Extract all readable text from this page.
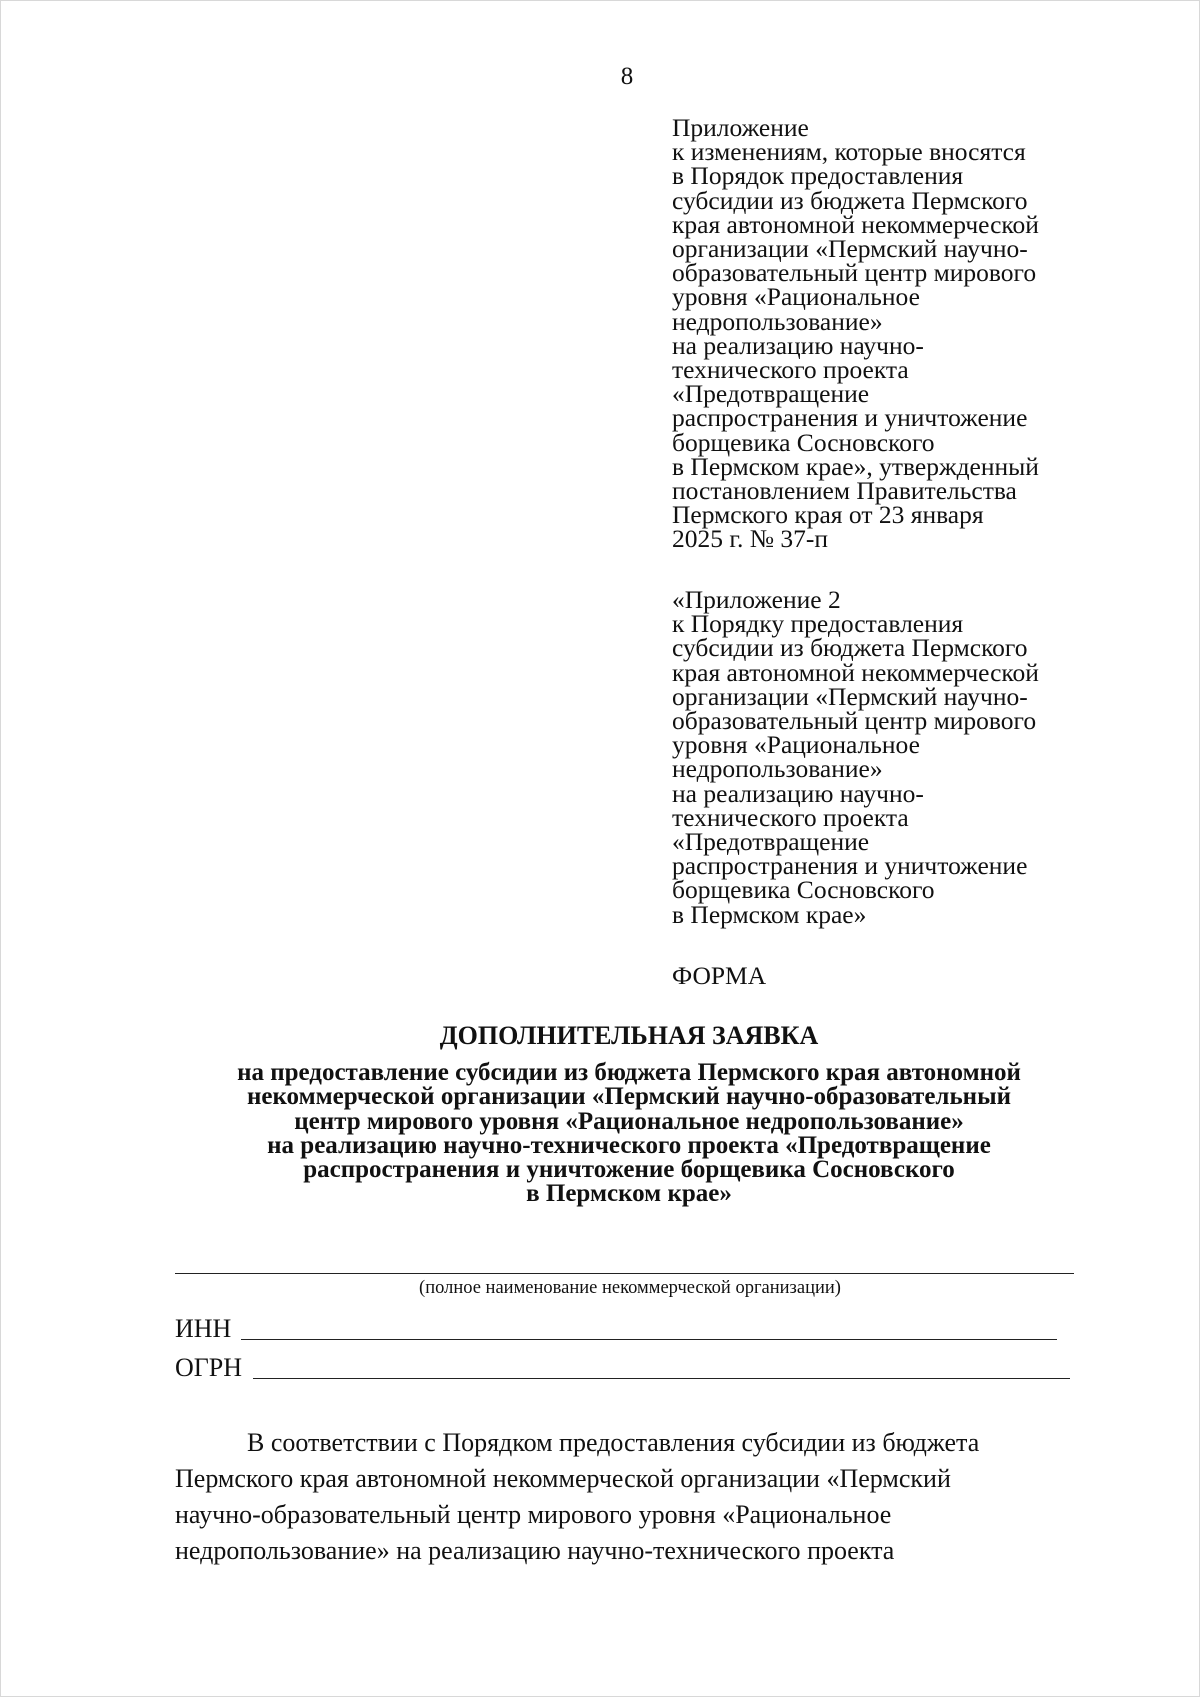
8
Приложение
к изменениям, которые вносятся
в Порядок предоставления
субсидии из бюджета Пермского
края автономной некоммерческой
организации «Пермский научно-
образовательный центр мирового
уровня «Рациональное
недропользование»
на реализацию научно-
технического проекта
«Предотвращение
распространения и уничтожение
борщевика Сосновского
в Пермском крае», утвержденный
постановлением Правительства
Пермского края от 23 января
2025 г. № 37-п
«Приложение 2
к Порядку предоставления
субсидии из бюджета Пермского
края автономной некоммерческой
организации «Пермский научно-
образовательный центр мирового
уровня «Рациональное
недропользование»
на реализацию научно-
технического проекта
«Предотвращение
распространения и уничтожение
борщевика Сосновского
в Пермском крае»
ФОРМА
ДОПОЛНИТЕЛЬНАЯ ЗАЯВКА
на предоставление субсидии из бюджета Пермского края автономной
некоммерческой организации «Пермский научно-образовательный
центр мирового уровня «Рациональное недропользование»
на реализацию научно-технического проекта «Предотвращение
распространения и уничтожение борщевика Сосновского
в Пермском крае»
(полное наименование некоммерческой организации)
ИНН
ОГРН
В соответствии с Порядком предоставления субсидии из бюджета
Пермского края автономной некоммерческой организации «Пермский
научно-образовательный центр мирового уровня «Рациональное
недропользование» на реализацию научно-технического проекта
